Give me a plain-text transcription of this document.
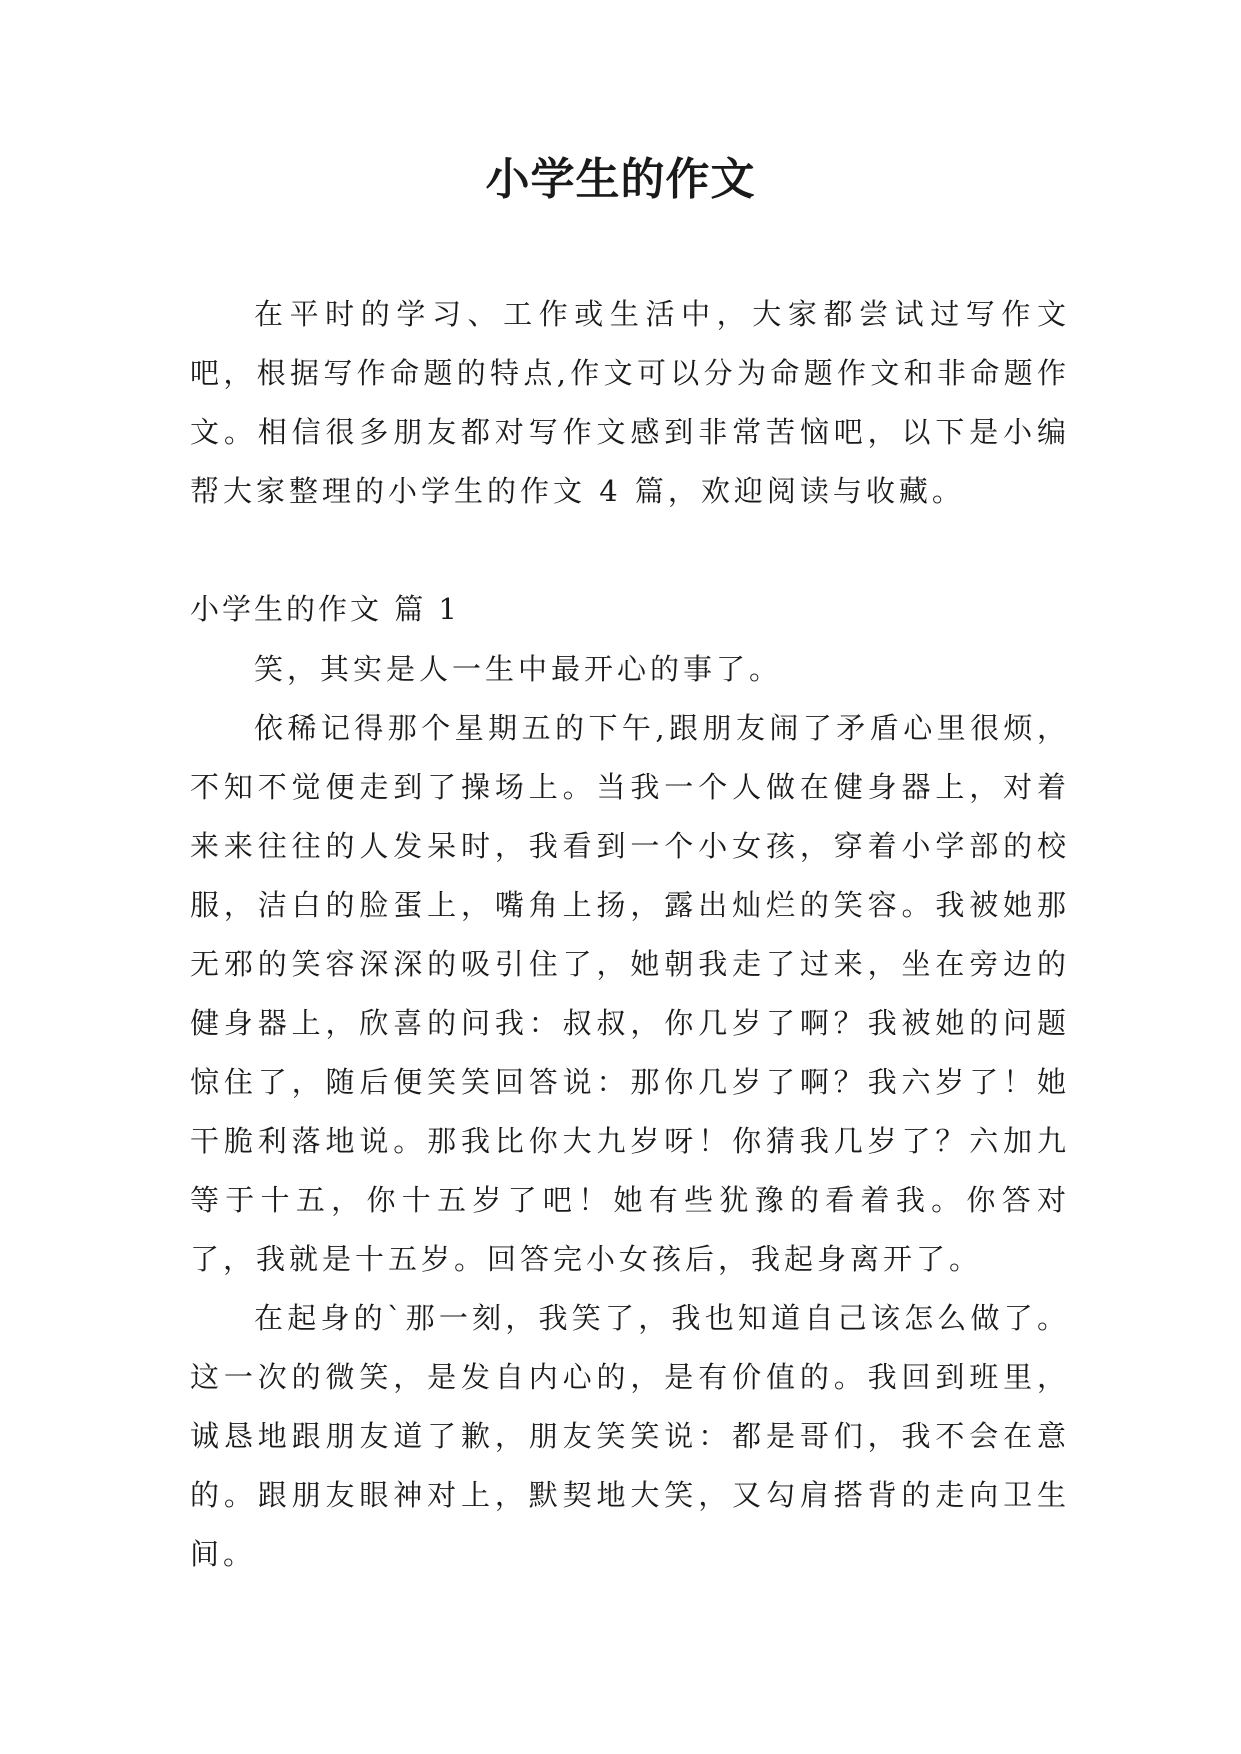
小学生的作文

在平时的学习、工作或生活中，大家都尝试过写作文吧，根据写作命题的特点,作文可以分为命题作文和非命题作文。相信很多朋友都对写作文感到非常苦恼吧，以下是小编帮大家整理的小学生的作文 4 篇，欢迎阅读与收藏。

小学生的作文 篇 1

笑，其实是人一生中最开心的事了。

依稀记得那个星期五的下午,跟朋友闹了矛盾心里很烦，不知不觉便走到了操场上。当我一个人做在健身器上，对着来来往往的人发呆时，我看到一个小女孩，穿着小学部的校服，洁白的脸蛋上，嘴角上扬，露出灿烂的笑容。我被她那无邪的笑容深深的吸引住了，她朝我走了过来，坐在旁边的健身器上，欣喜的问我：叔叔，你几岁了啊？我被她的问题惊住了，随后便笑笑回答说：那你几岁了啊？我六岁了！她干脆利落地说。那我比你大九岁呀！你猜我几岁了？六加九等于十五，你十五岁了吧！她有些犹豫的看着我。你答对了，我就是十五岁。回答完小女孩后，我起身离开了。

在起身的`那一刻，我笑了，我也知道自己该怎么做了。这一次的微笑，是发自内心的，是有价值的。我回到班里，诚恳地跟朋友道了歉，朋友笑笑说：都是哥们，我不会在意的。跟朋友眼神对上，默契地大笑，又勾肩搭背的走向卫生间。
